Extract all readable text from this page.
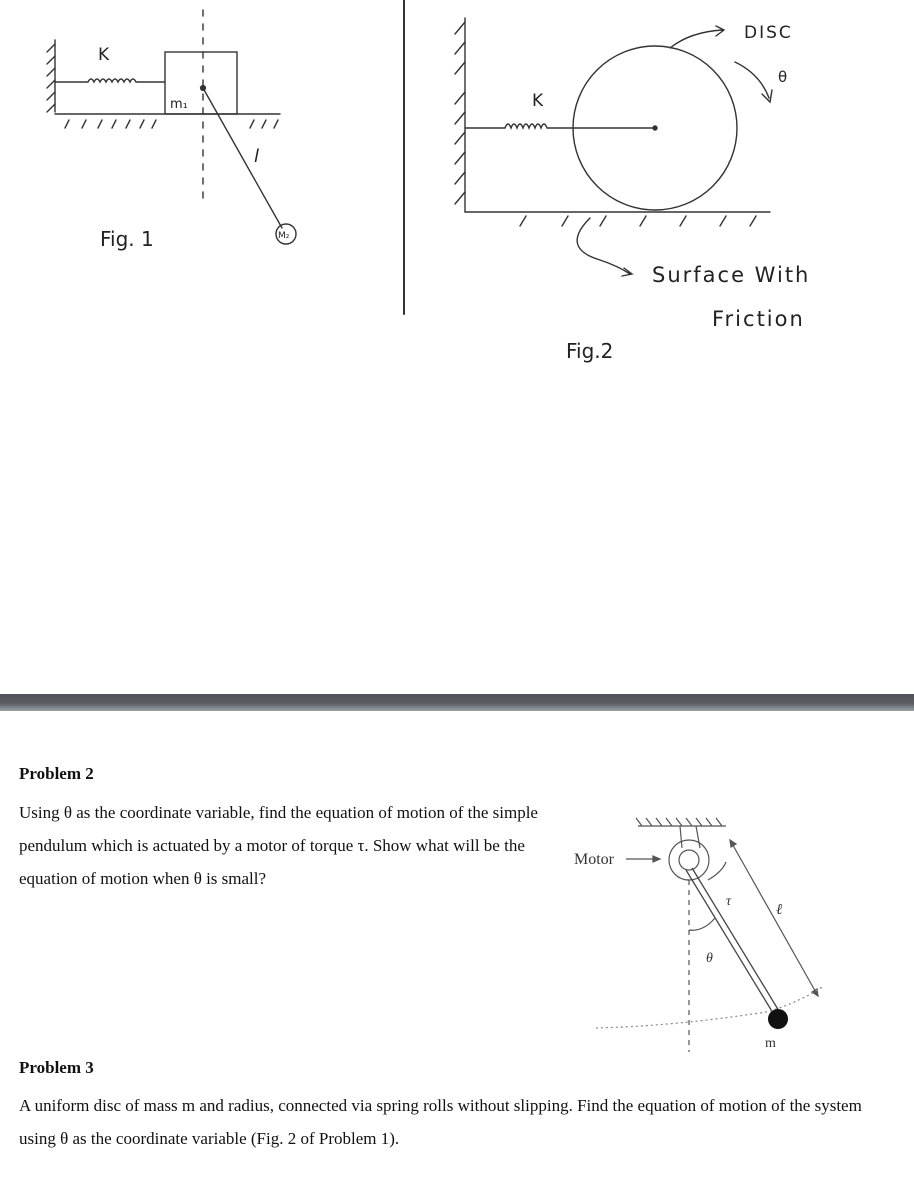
K
m₁
l
M₂
Fig. 1
DISC
θ
K
Surface With
Friction
Fig.2

Problem 2

Using θ as the coordinate variable, find the equation of motion of the simple pendulum which is actuated by a motor of torque τ. Show what will be the equation of motion when θ is small?

Motor
τ
ℓ
θ
m

Problem 3

A uniform disc of mass m and radius, connected via spring rolls without slipping. Find the equation of motion of the system using θ as the coordinate variable (Fig. 2 of Problem 1).
